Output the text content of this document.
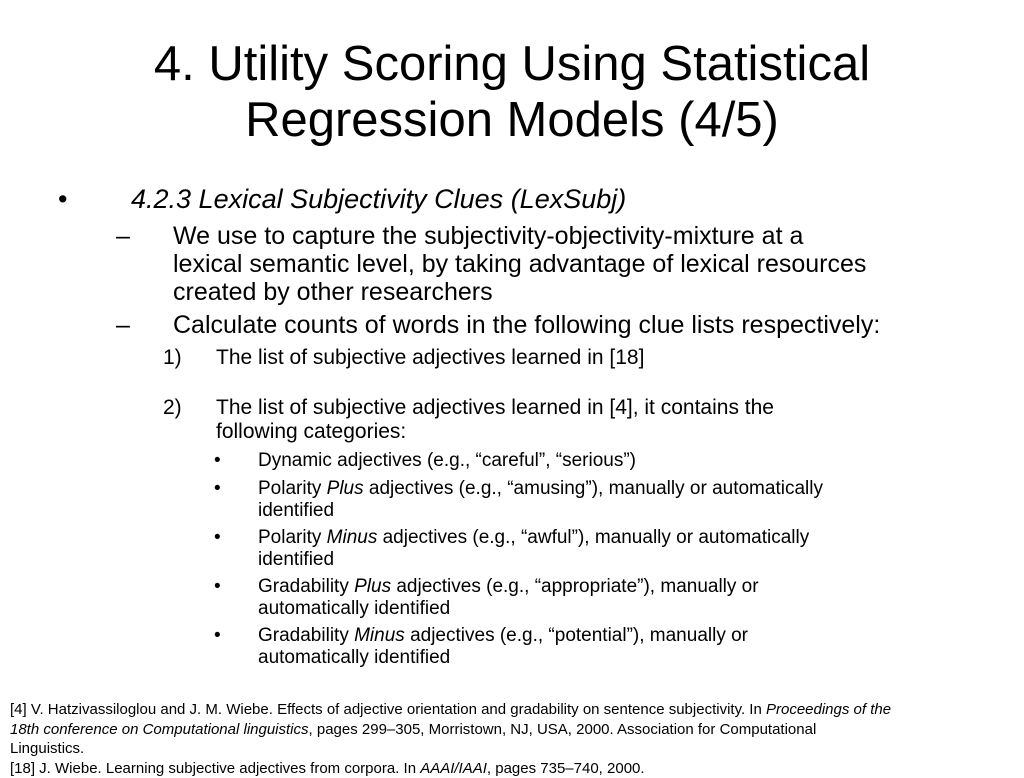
4. Utility Scoring Using Statistical
Regression Models (4/5)
• 4.2.3 Lexical Subjectivity Clues (LexSubj)
– We use to capture the subjectivity-objectivity-mixture at a
lexical semantic level, by taking advantage of lexical resources
created by other researchers
– Calculate counts of words in the following clue lists respectively:
1) The list of subjective adjectives learned in [18]
2) The list of subjective adjectives learned in [4], it contains the
following categories:
• Dynamic adjectives (e.g., “careful”, “serious”)
• Polarity Plus adjectives (e.g., “amusing”), manually or automatically
identified
• Polarity Minus adjectives (e.g., “awful”), manually or automatically
identified
• Gradability Plus adjectives (e.g., “appropriate”), manually or
automatically identified
• Gradability Minus adjectives (e.g., “potential”), manually or
automatically identified
[4] V. Hatzivassiloglou and J. M. Wiebe. Effects of adjective orientation and gradability on sentence subjectivity. In Proceedings of the
18th conference on Computational linguistics, pages 299–305, Morristown, NJ, USA, 2000. Association for Computational
Linguistics.
[18] J. Wiebe. Learning subjective adjectives from corpora. In AAAI/IAAI, pages 735–740, 2000.
